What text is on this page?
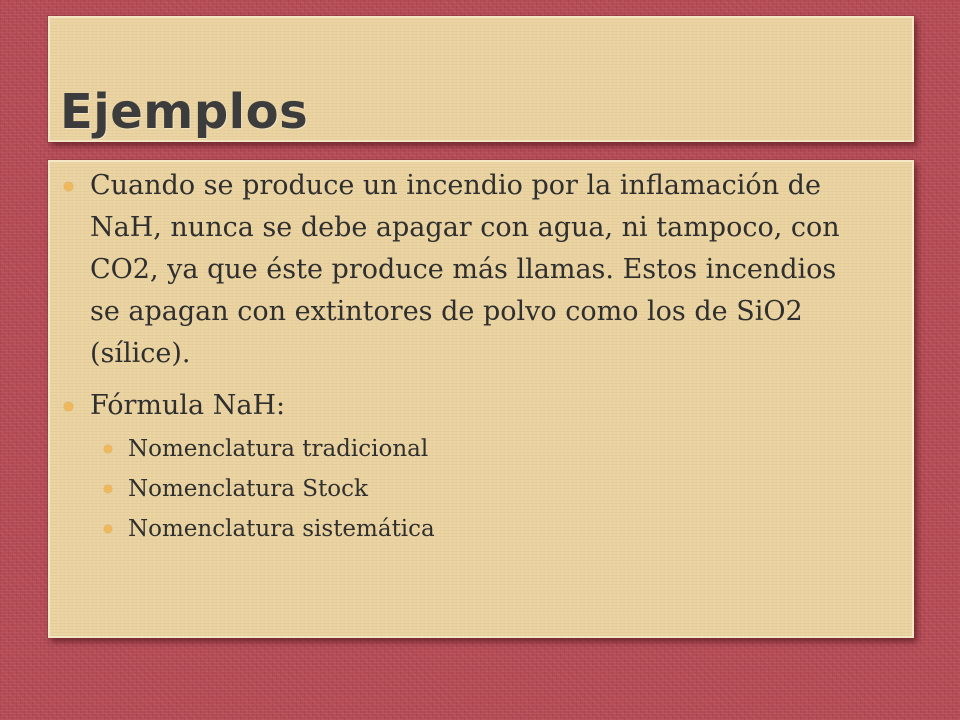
Ejemplos
Cuando se produce un incendio por la inflamación de NaH, nunca se debe apagar con agua, ni tampoco, con CO2, ya que éste produce más llamas. Estos incendios se apagan con extintores de polvo como los de SiO2 (sílice).
Fórmula NaH:
Nomenclatura tradicional
Nomenclatura Stock
Nomenclatura sistemática
